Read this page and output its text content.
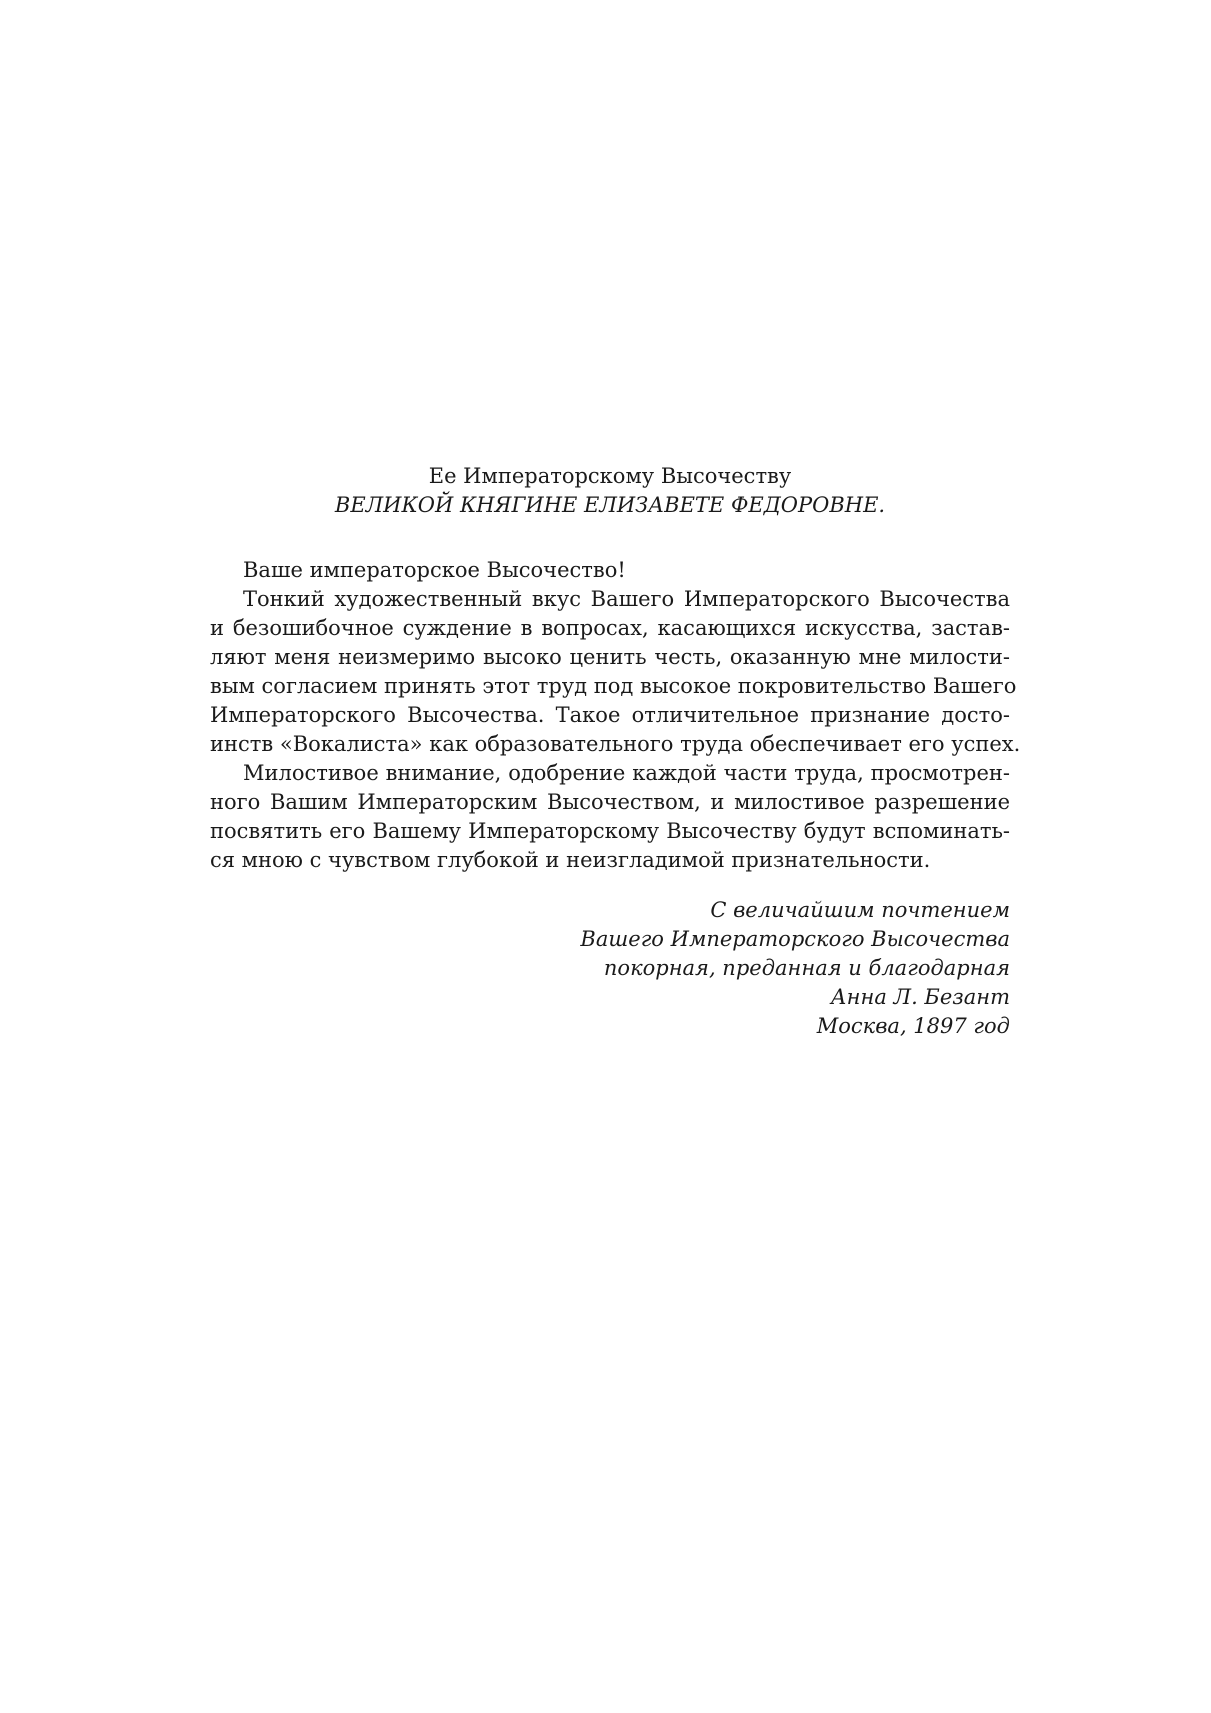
Ее Императорскому Высочеству
ВЕЛИКОЙ КНЯГИНЕ ЕЛИЗАВЕТЕ ФЕДОРОВНЕ.
Ваше императорское Высочество!
Тонкий художественный вкус Вашего Императорского Высочества
и безошибочное суждение в вопросах, касающихся искусства, застав-
ляют меня неизмеримо высоко ценить честь, оказанную мне милости-
вым согласием принять этот труд под высокое покровительство Вашего
Императорского Высочества. Такое отличительное признание досто-
инств «Вокалиста» как образовательного труда обеспечивает его успех.
Милостивое внимание, одобрение каждой части труда, просмотрен-
ного Вашим Императорским Высочеством, и милостивое разрешение
посвятить его Вашему Императорскому Высочеству будут вспоминать-
ся мною с чувством глубокой и неизгладимой признательности.
С величайшим почтением
Вашего Императорского Высочества
покорная, преданная и благодарная
Анна Л. Безант
Москва, 1897 год
